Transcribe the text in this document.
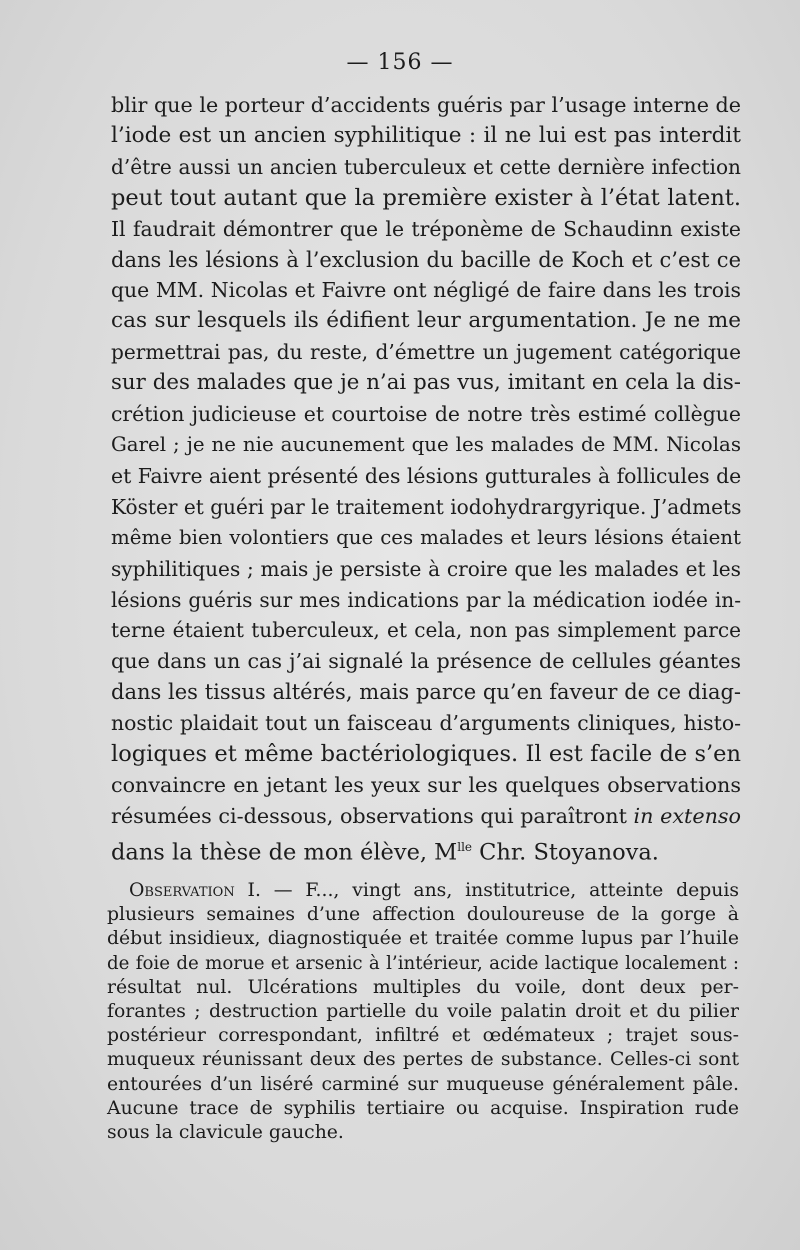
— 156 —
blir que le porteur d’accidents guéris par l’usage interne de
l’iode est un ancien syphilitique : il ne lui est pas interdit
d’être aussi un ancien tuberculeux et cette dernière infection
peut tout autant que la première exister à l’état latent.
Il faudrait démontrer que le tréponème de Schaudinn existe
dans les lésions à l’exclusion du bacille de Koch et c’est ce
que MM. Nicolas et Faivre ont négligé de faire dans les trois
cas sur lesquels ils édifient leur argumentation. Je ne me
permettrai pas, du reste, d’émettre un jugement catégorique
sur des malades que je n’ai pas vus, imitant en cela la dis-
crétion judicieuse et courtoise de notre très estimé collègue
Garel ; je ne nie aucunement que les malades de MM. Nicolas
et Faivre aient présenté des lésions gutturales à follicules de
Köster et guéri par le traitement iodohydrargyrique. J’admets
même bien volontiers que ces malades et leurs lésions étaient
syphilitiques ; mais je persiste à croire que les malades et les
lésions guéris sur mes indications par la médication iodée in-
terne étaient tuberculeux, et cela, non pas simplement parce
que dans un cas j’ai signalé la présence de cellules géantes
dans les tissus altérés, mais parce qu’en faveur de ce diag-
nostic plaidait tout un faisceau d’arguments cliniques, histo-
logiques et même bactériologiques. Il est facile de s’en
convaincre en jetant les yeux sur les quelques observations
résumées ci-dessous, observations qui paraîtront in extenso
dans la thèse de mon élève, $M^{lle}$ Chr. Stoyanova.
Observation I. — F..., vingt ans, institutrice, atteinte depuis
plusieurs semaines d’une affection douloureuse de la gorge à
début insidieux, diagnostiquée et traitée comme lupus par l’huile
de foie de morue et arsenic à l’intérieur, acide lactique localement :
résultat nul. Ulcérations multiples du voile, dont deux per-
forantes ; destruction partielle du voile palatin droit et du pilier
postérieur correspondant, infiltré et œdémateux ; trajet sous-
muqueux réunissant deux des pertes de substance. Celles-ci sont
entourées d’un liséré carminé sur muqueuse généralement pâle.
Aucune trace de syphilis tertiaire ou acquise. Inspiration rude
sous la clavicule gauche.
